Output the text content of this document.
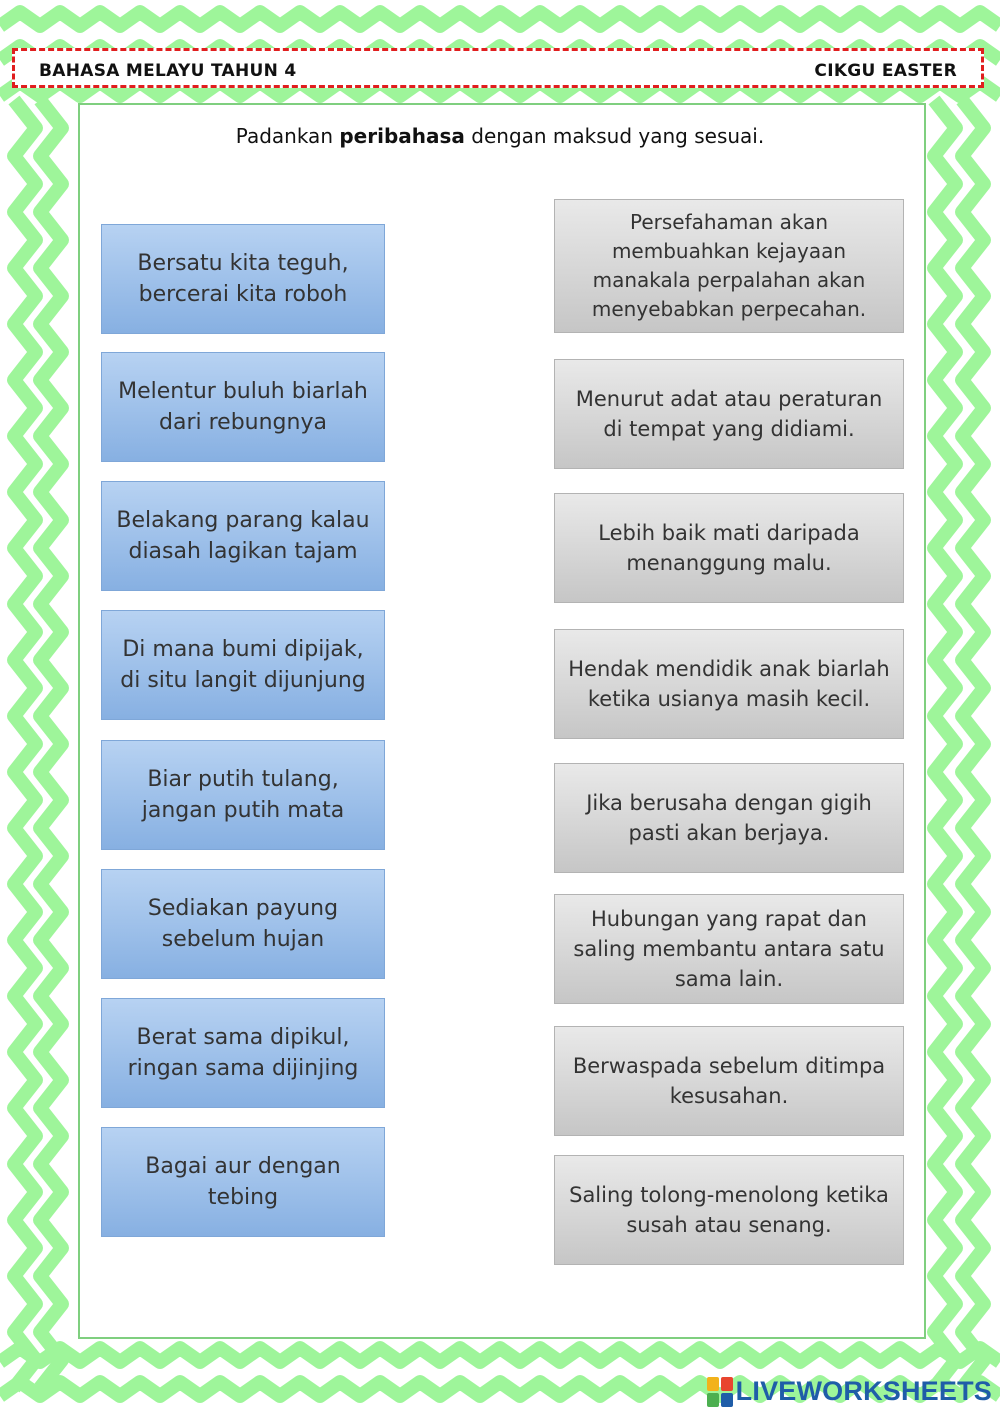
BAHASA MELAYU TAHUN 4	CIKGU EASTER
Padankan peribahasa dengan maksud yang sesuai.
Bersatu kita teguh, bercerai kita roboh
Melentur buluh biarlah dari rebungnya
Belakang parang kalau diasah lagikan tajam
Di mana bumi dipijak, di situ langit dijunjung
Biar putih tulang, jangan putih mata
Sediakan payung sebelum hujan
Berat sama dipikul, ringan sama dijinjing
Bagai aur dengan tebing
Persefahaman akan membuahkan kejayaan manakala perpalahan akan menyebabkan perpecahan.
Menurut adat atau peraturan di tempat yang didiami.
Lebih baik mati daripada menanggung malu.
Hendak mendidik anak biarlah ketika usianya masih kecil.
Jika berusaha dengan gigih pasti akan berjaya.
Hubungan yang rapat dan saling membantu antara satu sama lain.
Berwaspada sebelum ditimpa kesusahan.
Saling tolong-menolong ketika susah atau senang.
LIVEWORKSHEETS
